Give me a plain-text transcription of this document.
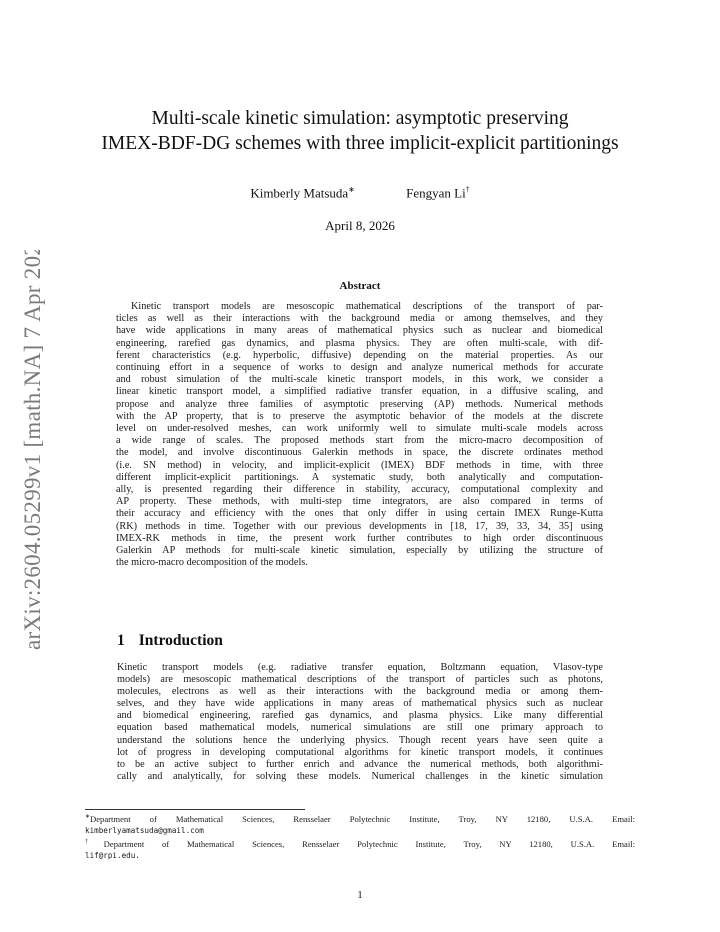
arXiv:2604.05299v1 [math.NA] 7 Apr 2026
Multi-scale kinetic simulation: asymptotic preserving
IMEX-BDF-DG schemes with three implicit-explicit partitionings
Kimberly Matsuda∗	Fengyan Li†
April 8, 2026
Abstract
Kinetic transport models are mesoscopic mathematical descriptions of the transport of par-
ticles as well as their interactions with the background media or among themselves, and they
have wide applications in many areas of mathematical physics such as nuclear and biomedical
engineering, rarefied gas dynamics, and plasma physics. They are often multi-scale, with dif-
ferent characteristics (e.g. hyperbolic, diffusive) depending on the material properties. As our
continuing effort in a sequence of works to design and analyze numerical methods for accurate
and robust simulation of the multi-scale kinetic transport models, in this work, we consider a
linear kinetic transport model, a simplified radiative transfer equation, in a diffusive scaling, and
propose and analyze three families of asymptotic preserving (AP) methods. Numerical methods
with the AP property, that is to preserve the asymptotic behavior of the models at the discrete
level on under-resolved meshes, can work uniformly well to simulate multi-scale models across
a wide range of scales. The proposed methods start from the micro-macro decomposition of
the model, and involve discontinuous Galerkin methods in space, the discrete ordinates method
(i.e. SN method) in velocity, and implicit-explicit (IMEX) BDF methods in time, with three
different implicit-explicit partitionings. A systematic study, both analytically and computation-
ally, is presented regarding their difference in stability, accuracy, computational complexity and
AP property. These methods, with multi-step time integrators, are also compared in terms of
their accuracy and efficiency with the ones that only differ in using certain IMEX Runge-Kutta
(RK) methods in time. Together with our previous developments in [18, 17, 39, 33, 34, 35] using
IMEX-RK methods in time, the present work further contributes to high order discontinuous
Galerkin AP methods for multi-scale kinetic simulation, especially by utilizing the structure of
the micro-macro decomposition of the models.
1 Introduction
Kinetic transport models (e.g. radiative transfer equation, Boltzmann equation, Vlasov-type
models) are mesoscopic mathematical descriptions of the transport of particles such as photons,
molecules, electrons as well as their interactions with the background media or among them-
selves, and they have wide applications in many areas of mathematical physics such as nuclear
and biomedical engineering, rarefied gas dynamics, and plasma physics. Like many differential
equation based mathematical models, numerical simulations are still one primary approach to
understand the solutions hence the underlying physics. Though recent years have seen quite a
lot of progress in developing computational algorithms for kinetic transport models, it continues
to be an active subject to further enrich and advance the numerical methods, both algorithmi-
cally and analytically, for solving these models. Numerical challenges in the kinetic simulation
∗Department of Mathematical Sciences, Rensselaer Polytechnic Institute, Troy, NY 12180, U.S.A. Email:
kimberlyamatsuda@gmail.com
†Department of Mathematical Sciences, Rensselaer Polytechnic Institute, Troy, NY 12180, U.S.A. Email:
lif@rpi.edu.
1
